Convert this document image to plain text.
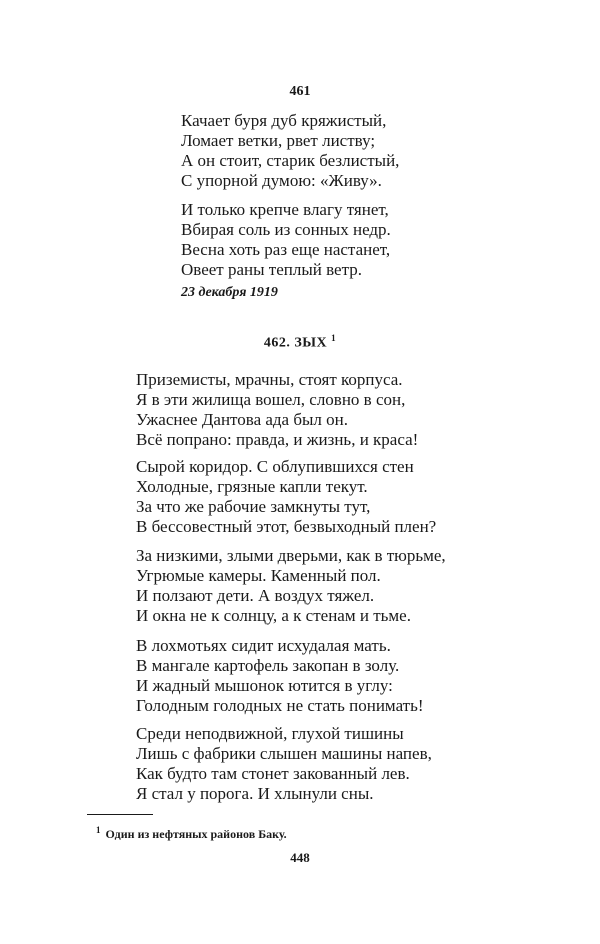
461
Качает буря дуб кряжистый,
Ломает ветки, рвет листву;
А он стоит, старик безлистый,
С упорной думою: «Живу».
И только крепче влагу тянет,
Вбирая соль из сонных недр.
Весна хоть раз еще настанет,
Овеет раны теплый ветр.
23 декабря 1919
462. ЗЫХ $^1$
Приземисты, мрачны, стоят корпуса.
Я в эти жилища вошел, словно в сон,
Ужаснее Дантова ада был он.
Всё попрано: правда, и жизнь, и краса!
Сырой коридор. С облупившихся стен
Холодные, грязные капли текут.
За что же рабочие замкнуты тут,
В бессовестный этот, безвыходный плен?
За низкими, злыми дверьми, как в тюрьме,
Угрюмые камеры. Каменный пол.
И ползают дети. А воздух тяжел.
И окна не к солнцу, а к стенам и тьме.
В лохмотьях сидит исхудалая мать.
В мангале картофель закопан в золу.
И жадный мышонок ютится в углу:
Голодным голодных не стать понимать!
Среди неподвижной, глухой тишины
Лишь с фабрики слышен машины напев,
Как будто там стонет закованный лев.
Я стал у порога. И хлынули сны.
$^1$ Один из нефтяных районов Баку.
448
